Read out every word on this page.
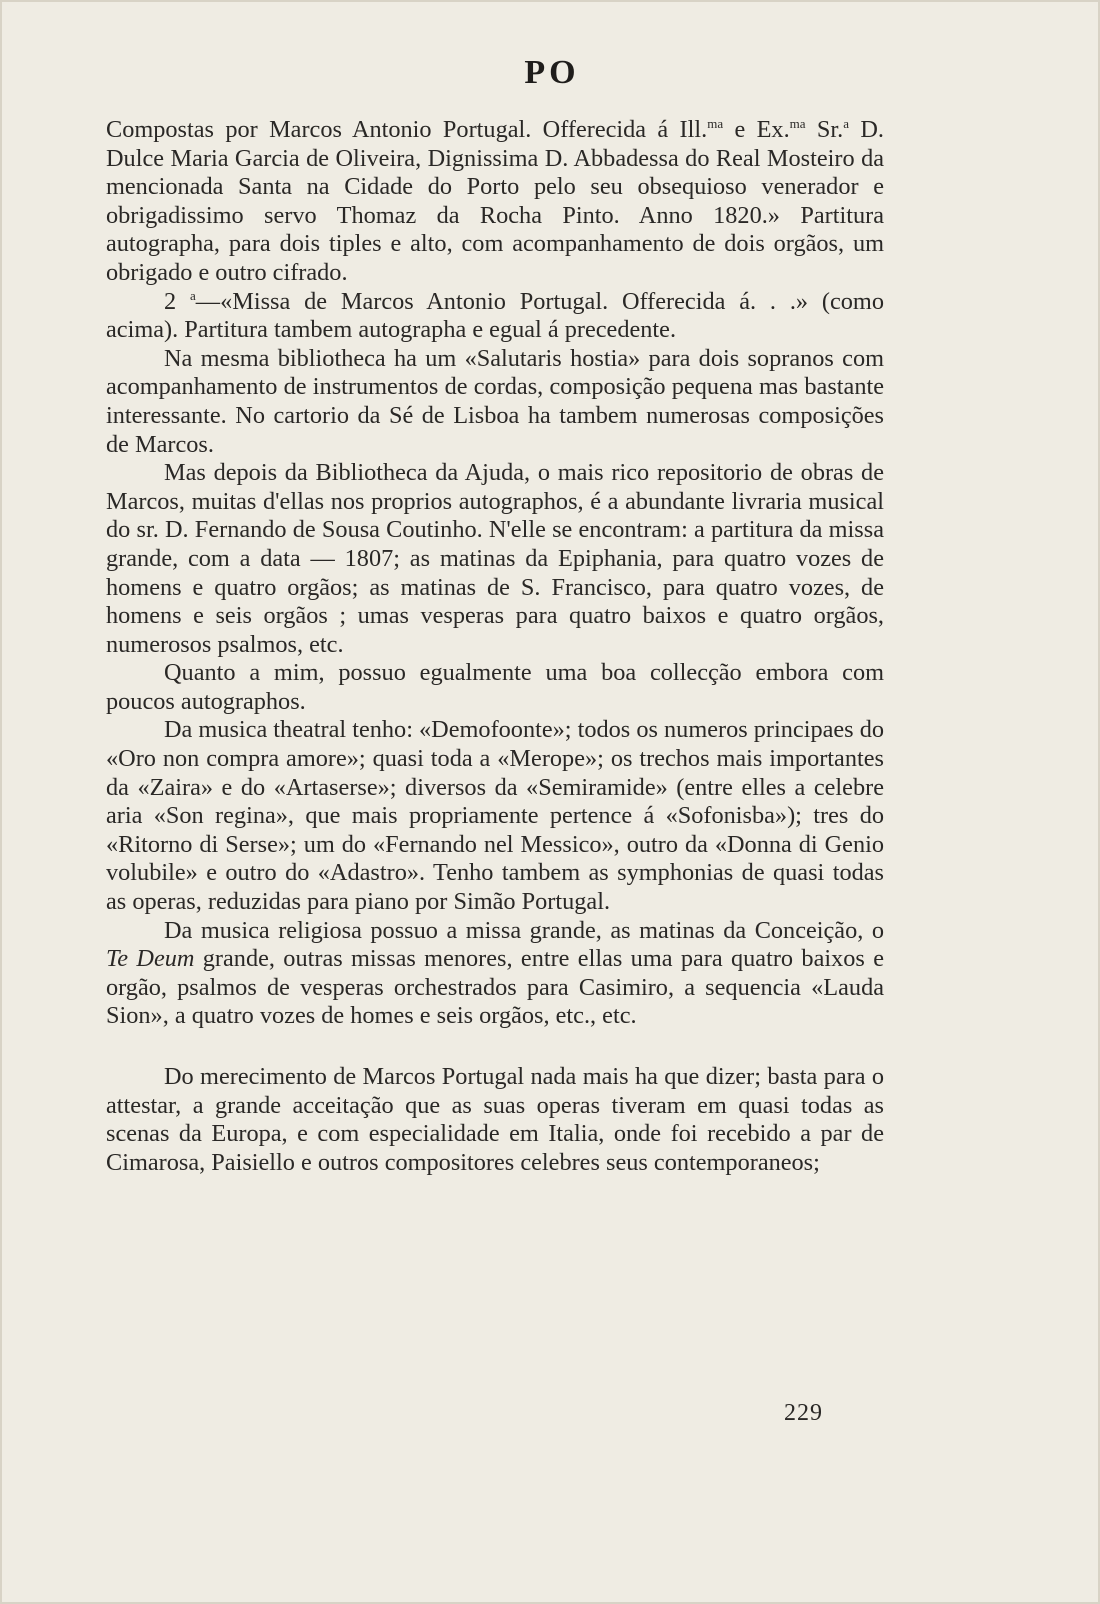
PO

Compostas por Marcos Antonio Portugal. Offerecida á Ill.$^{ma}$ e Ex.$^{ma}$ Sr.$^a$ D. Dulce Maria Garcia de Oliveira, Dignissima D. Abbadessa do Real Mosteiro da mencionada Santa na Cidade do Porto pelo seu obsequioso venerador e obrigadissimo servo Thomaz da Rocha Pinto. Anno 1820.» Partitura autographa, para dois tiples e alto, com acompanhamento de dois orgãos, um obrigado e outro cifrado.

2 $^a$—«Missa de Marcos Antonio Portugal. Offerecida á. . .» (como acima). Partitura tambem autographa e egual á precedente.

Na mesma bibliotheca ha um «Salutaris hostia» para dois sopranos com acompanhamento de instrumentos de cordas, composição pequena mas bastante interessante. No cartorio da Sé de Lisboa ha tambem numerosas composições de Marcos.

Mas depois da Bibliotheca da Ajuda, o mais rico repositorio de obras de Marcos, muitas d'ellas nos proprios autographos, é a abundante livraria musical do sr. D. Fernando de Sousa Coutinho. N'elle se encontram: a partitura da missa grande, com a data — 1807; as matinas da Epiphania, para quatro vozes de homens e quatro orgãos; as matinas de S. Francisco, para quatro vozes, de homens e seis orgãos ; umas vesperas para quatro baixos e quatro orgãos, numerosos psalmos, etc.

Quanto a mim, possuo egualmente uma boa collecção embora com poucos autographos.

Da musica theatral tenho: «Demofoonte»; todos os numeros principaes do «Oro non compra amore»; quasi toda a «Merope»; os trechos mais importantes da «Zaira» e do «Artaserse»; diversos da «Semiramide» (entre elles a celebre aria «Son regina», que mais propriamente pertence á «Sofonisba»); tres do «Ritorno di Serse»; um do «Fernando nel Messico», outro da «Donna di Genio volubile» e outro do «Adastro». Tenho tambem as symphonias de quasi todas as operas, reduzidas para piano por Simão Portugal.

Da musica religiosa possuo a missa grande, as matinas da Conceição, o Te Deum grande, outras missas menores, entre ellas uma para quatro baixos e orgão, psalmos de vesperas orchestrados para Casimiro, a sequencia «Lauda Sion», a quatro vozes de homes e seis orgãos, etc., etc.

Do merecimento de Marcos Portugal nada mais ha que dizer; basta para o attestar, a grande acceitação que as suas operas tiveram em quasi todas as scenas da Europa, e com especialidade em Italia, onde foi recebido a par de Cimarosa, Paisiello e outros compositores celebres seus contemporaneos;

229
